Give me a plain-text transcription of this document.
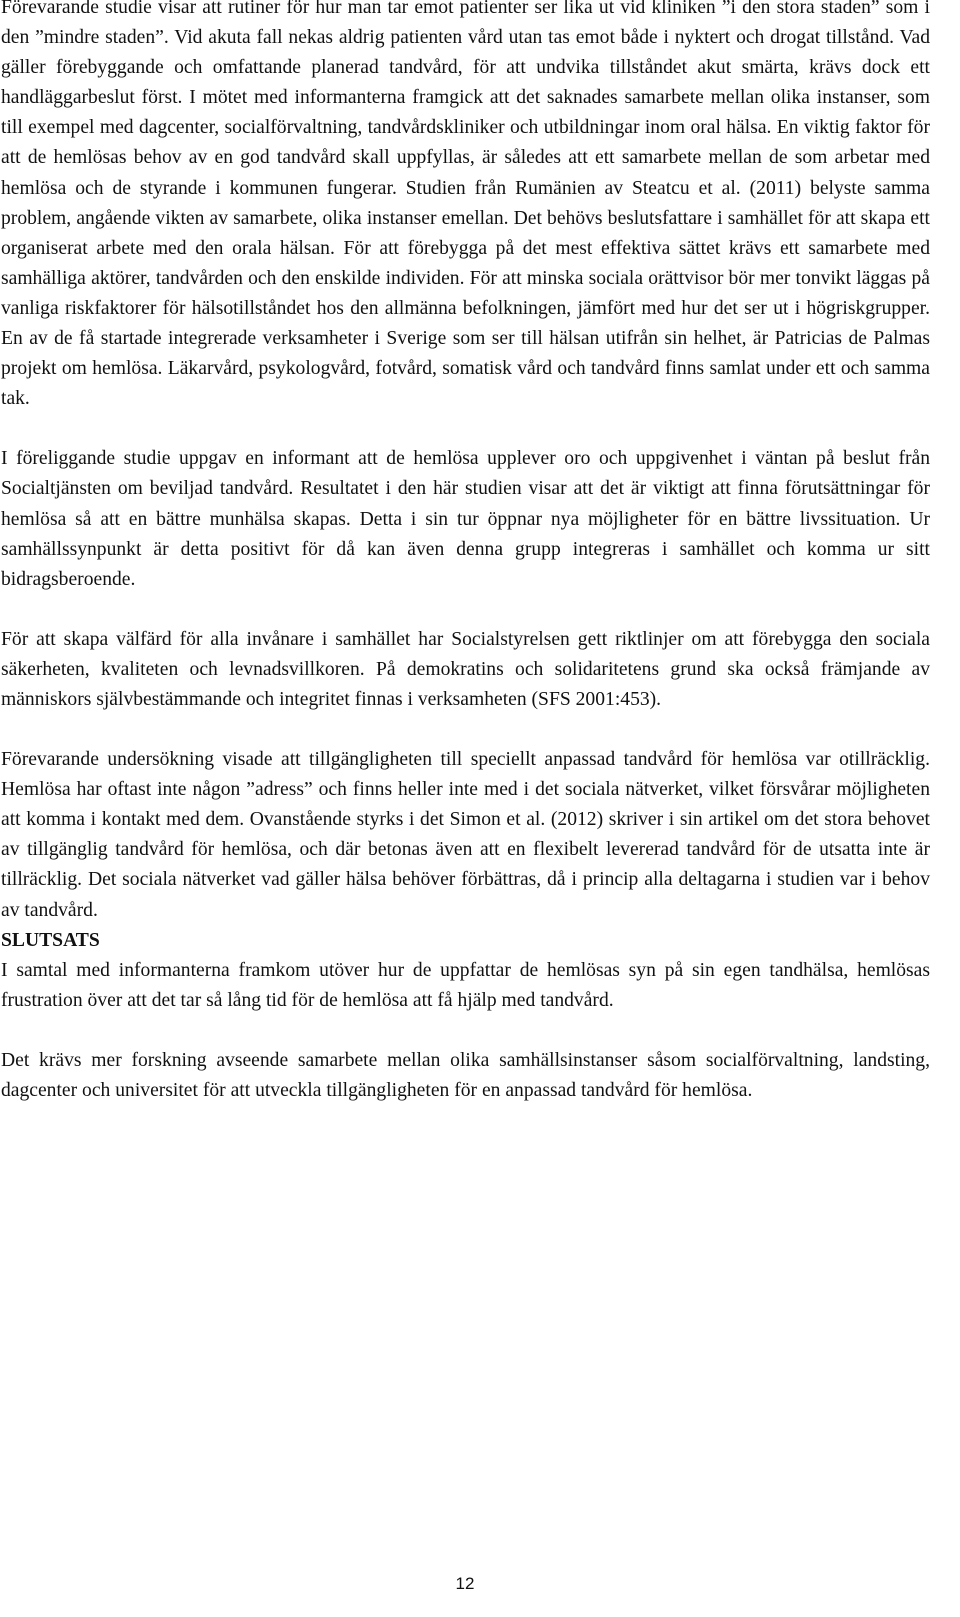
Förevarande studie visar att rutiner för hur man tar emot patienter ser lika ut vid kliniken ”i den stora staden” som i den ”mindre staden”. Vid akuta fall nekas aldrig patienten vård utan tas emot både i nyktert och drogat tillstånd. Vad gäller förebyggande och omfattande planerad tandvård, för att undvika tillståndet akut smärta, krävs dock ett handläggarbeslut först. I mötet med informanterna framgick att det saknades samarbete mellan olika instanser, som till exempel med dagcenter, socialförvaltning, tandvårdskliniker och utbildningar inom oral hälsa. En viktig faktor för att de hemlösas behov av en god tandvård skall uppfyllas, är således att ett samarbete mellan de som arbetar med hemlösa och de styrande i kommunen fungerar. Studien från Rumänien av Steatcu et al. (2011) belyste samma problem, angående vikten av samarbete, olika instanser emellan. Det behövs beslutsfattare i samhället för att skapa ett organiserat arbete med den orala hälsan. För att förebygga på det mest effektiva sättet krävs ett samarbete med samhälliga aktörer, tandvården och den enskilde individen. För att minska sociala orättvisor bör mer tonvikt läggas på vanliga riskfaktorer för hälsotillståndet hos den allmänna befolkningen, jämfört med hur det ser ut i högriskgrupper. En av de få startade integrerade verksamheter i Sverige som ser till hälsan utifrån sin helhet, är Patricias de Palmas projekt om hemlösa. Läkarvård, psykologvård, fotvård, somatisk vård och tandvård finns samlat under ett och samma tak.

I föreliggande studie uppgav en informant att de hemlösa upplever oro och uppgivenhet i väntan på beslut från Socialtjänsten om beviljad tandvård. Resultatet i den här studien visar att det är viktigt att finna förutsättningar för hemlösa så att en bättre munhälsa skapas. Detta i sin tur öppnar nya möjligheter för en bättre livssituation. Ur samhällssynpunkt är detta positivt för då kan även denna grupp integreras i samhället och komma ur sitt bidragsberoende.

För att skapa välfärd för alla invånare i samhället har Socialstyrelsen gett riktlinjer om att förebygga den sociala säkerheten, kvaliteten och levnadsvillkoren. På demokratins och solidaritetens grund ska också främjande av människors självbestämmande och integritet finnas i verksamheten (SFS 2001:453).

Förevarande undersökning visade att tillgängligheten till speciellt anpassad tandvård för hemlösa var otillräcklig. Hemlösa har oftast inte någon ”adress” och finns heller inte med i det sociala nätverket, vilket försvårar möjligheten att komma i kontakt med dem. Ovanstående styrks i det Simon et al. (2012) skriver i sin artikel om det stora behovet av tillgänglig tandvård för hemlösa, och där betonas även att en flexibelt levererad tandvård för de utsatta inte är tillräcklig. Det sociala nätverket vad gäller hälsa behöver förbättras, då i princip alla deltagarna i studien var i behov av tandvård.

SLUTSATS

I samtal med informanterna framkom utöver hur de uppfattar de hemlösas syn på sin egen tandhälsa, hemlösas frustration över att det tar så lång tid för de hemlösa att få hjälp med tandvård.

Det krävs mer forskning avseende samarbete mellan olika samhällsinstanser såsom socialförvaltning, landsting, dagcenter och universitet för att utveckla tillgängligheten för en anpassad tandvård för hemlösa.

12
